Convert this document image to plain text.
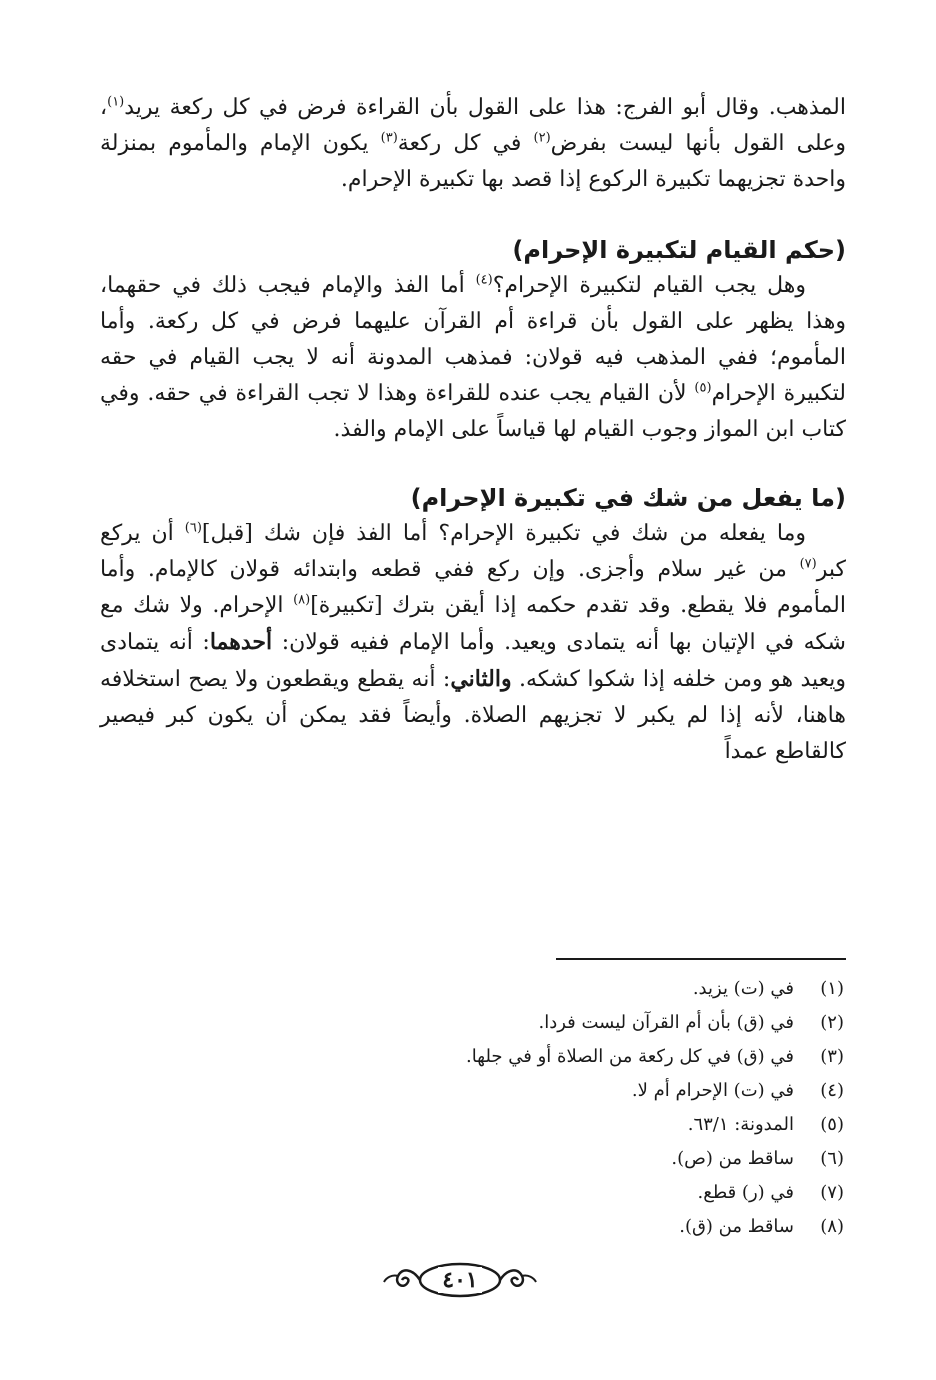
المذهب. وقال أبو الفرج: هذا على القول بأن القراءة فرض في كل ركعة يريد$^{(١)}$، وعلى القول بأنها ليست بفرض$^{(٢)}$ في كل ركعة$^{(٣)}$ يكون الإمام والمأموم بمنزلة واحدة تجزيهما تكبيرة الركوع إذا قصد بها تكبيرة الإحرام.

(حكم القيام لتكبيرة الإحرام)

وهل يجب القيام لتكبيرة الإحرام؟$^{(٤)}$ أما الفذ والإمام فيجب ذلك في حقهما، وهذا يظهر على القول بأن قراءة أم القرآن عليهما فرض في كل ركعة. وأما المأموم؛ ففي المذهب فيه قولان: فمذهب المدونة أنه لا يجب القيام في حقه لتكبيرة الإحرام$^{(٥)}$ لأن القيام يجب عنده للقراءة وهذا لا تجب القراءة في حقه. وفي كتاب ابن المواز وجوب القيام لها قياساً على الإمام والفذ.

(ما يفعل من شك في تكبيرة الإحرام)

وما يفعله من شك في تكبيرة الإحرام؟ أما الفذ فإن شك [قبل]$^{(٦)}$ أن يركع كبر$^{(٧)}$ من غير سلام وأجزى. وإن ركع ففي قطعه وابتدائه قولان كالإمام. وأما المأموم فلا يقطع. وقد تقدم حكمه إذا أيقن بترك [تكبيرة]$^{(٨)}$ الإحرام. ولا شك مع شكه في الإتيان بها أنه يتمادى ويعيد. وأما الإمام ففيه قولان: أحدهما: أنه يتمادى ويعيد هو ومن خلفه إذا شكوا كشكه. والثاني: أنه يقطع ويقطعون ولا يصح استخلافه هاهنا، لأنه إذا لم يكبر لا تجزيهم الصلاة. وأيضاً فقد يمكن أن يكون كبر فيصير كالقاطع عمداً

(١)
في (ت) يزيد.
(٢)
في (ق) بأن أم القرآن ليست فردا.
(٣)
في (ق) في كل ركعة من الصلاة أو في جلها.
(٤)
في (ت) الإحرام أم لا.
(٥)
المدونة: ٦٣/١.
(٦)
ساقط من (ص).
(٧)
في (ر) قطع.
(٨)
ساقط من (ق).
٤٠١
